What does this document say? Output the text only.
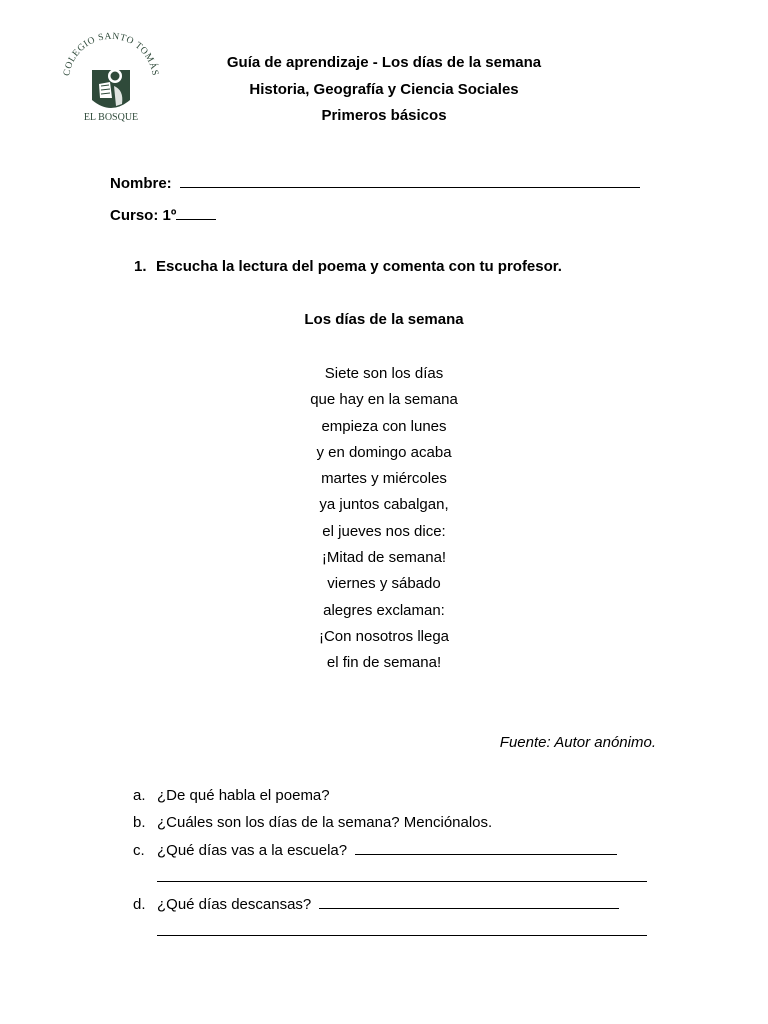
COLEGIO SANTO TOMÁS
EL BOSQUE
Guía de aprendizaje - Los días de la semana
Historia, Geografía y Ciencia Sociales
Primeros básicos
Nombre:
Curso: 1º
1. Escucha la lectura del poema y comenta con tu profesor.
Los días de la semana
Siete son los días
que hay en la semana
empieza con lunes
y en domingo acaba
martes y miércoles
ya juntos cabalgan,
el jueves nos dice:
¡Mitad de semana!
viernes y sábado
alegres exclaman:
¡Con nosotros llega
el fin de semana!
Fuente: Autor anónimo.
a. ¿De qué habla el poema?
b. ¿Cuáles son los días de la semana? Menciónalos.
c. ¿Qué días vas a la escuela?
d. ¿Qué días descansas?
